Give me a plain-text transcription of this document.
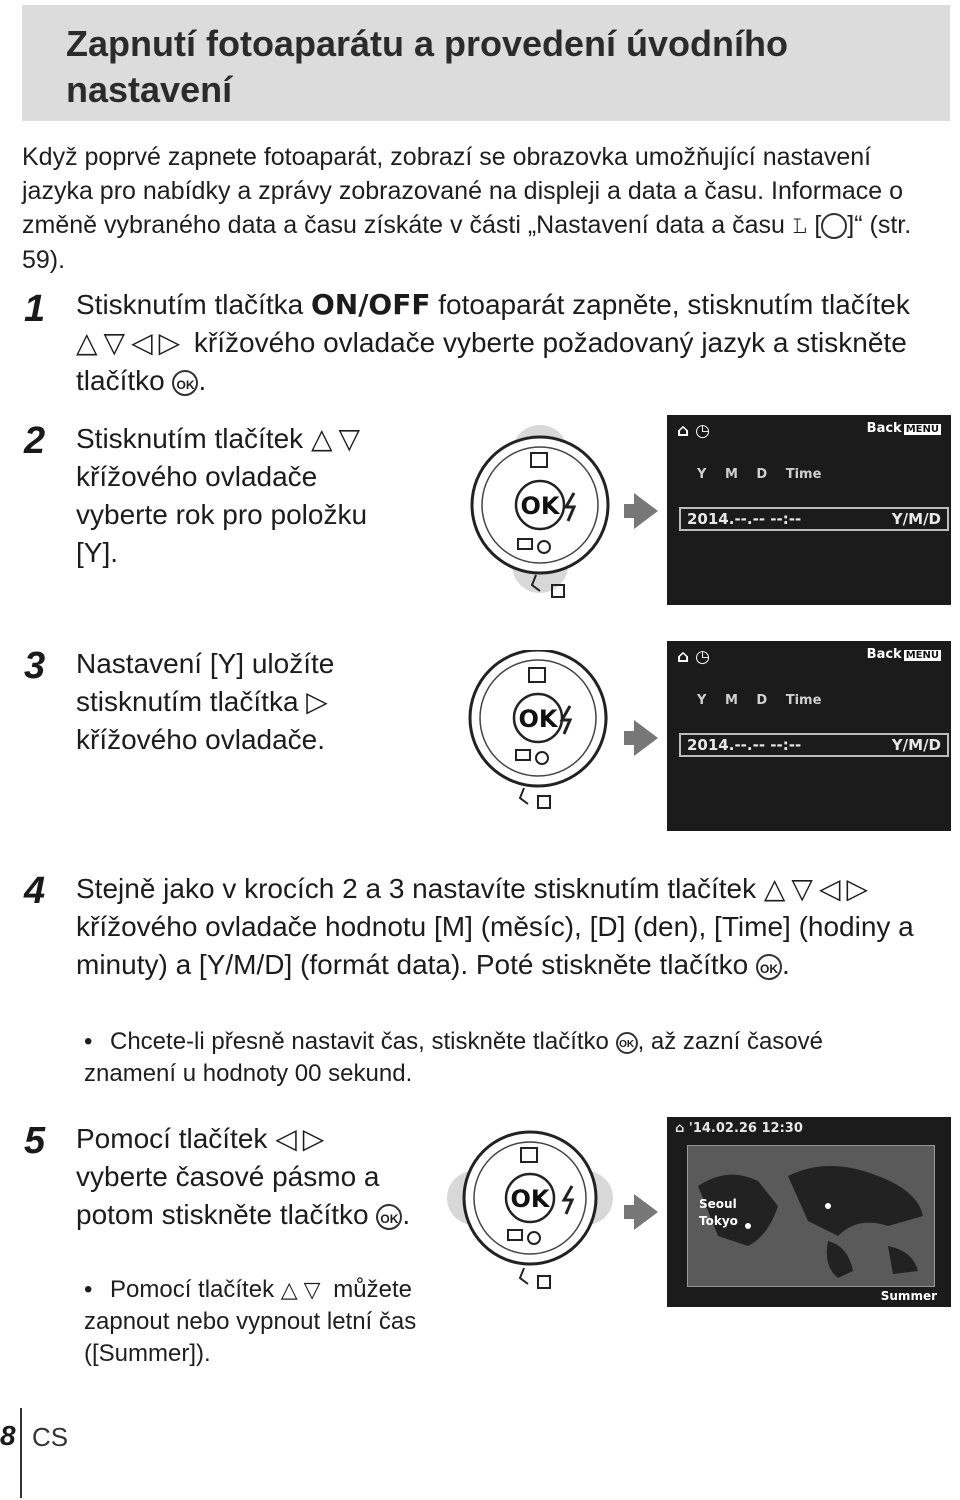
Zapnutí fotoaparátu a provedení úvodního nastavení
Když poprvé zapnete fotoaparát, zobrazí se obrazovka umožňující nastavení jazyka pro nabídky a zprávy zobrazované na displeji a data a času. Informace o změně vybraného data a času získáte v části „Nastavení data a času 𝙻 [ ]“ (str. 59).
1 Stisknutím tlačítka ON/OFF fotoaparát zapněte, stisknutím tlačítek △▽◁▷ křížového ovladače vyberte požadovaný jazyk a stiskněte tlačítko OK .
2 Stisknutím tlačítek △▽ křížového ovladače vyberte rok pro položku [Y].
OK
⌂ ◷	Back MENU
Y M D Time
2014.--.-- --:--	Y/M/D
3 Nastavení [Y] uložíte stisknutím tlačítka ▷ křížového ovladače.
OK
⌂ ◷	Back MENU
Y M D Time
2014.--.-- --:--	Y/M/D
4 Stejně jako v krocích 2 a 3 nastavíte stisknutím tlačítek △▽◁▷ křížového ovladače hodnotu [M] (měsíc), [D] (den), [Time] (hodiny a minuty) a [Y/M/D] (formát data). Poté stiskněte tlačítko OK .
• Chcete-li přesně nastavit čas, stiskněte tlačítko OK , až zazní časové znamení u hodnoty 00 sekund.
5 Pomocí tlačítek ◁▷ vyberte časové pásmo a potom stiskněte tlačítko OK .
• Pomocí tlačítek △▽ můžete zapnout nebo vypnout letní čas ([Summer]).
OK
⌂ '14.02.26 12:30
Seoul
Tokyo
Summer
8 CS
